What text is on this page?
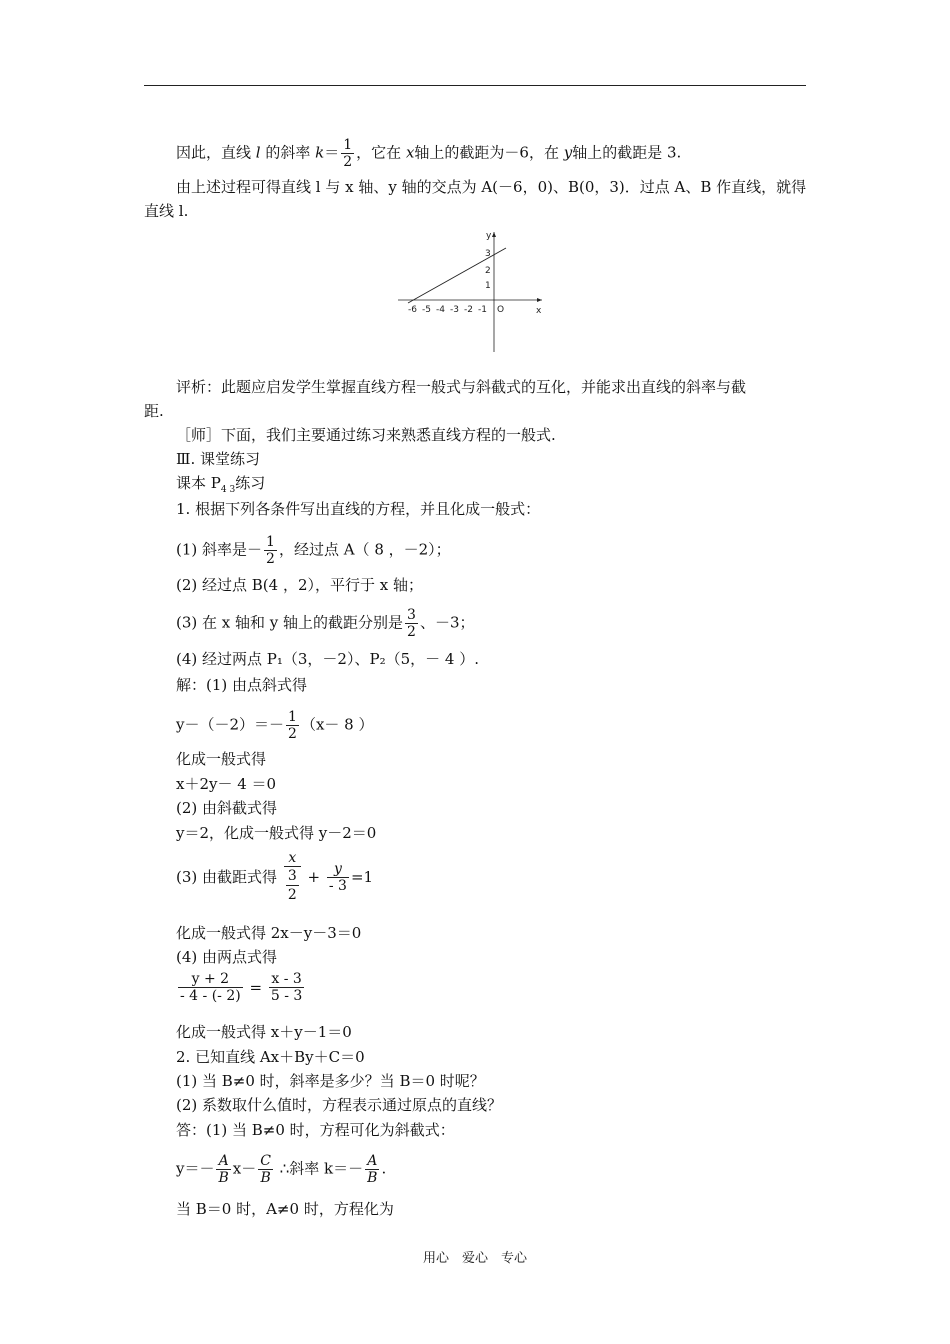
因此，直线 l 的斜率 $k= \frac{1}{2}$ ，它在 x轴上的截距为－6，在 y轴上的截距是 3.
由上述过程可得直线 l 与 x 轴、y 轴的交点为 A(－6，0)、B(0，3)．过点 A、B 作直线，就得
直线 l.
x
y
O
-6 -5 -4 -3 -2 -1
3
2
1
评析：此题应启发学生掌握直线方程一般式与斜截式的互化，并能求出直线的斜率与截
距.
［师］下面，我们主要通过练习来熟悉直线方程的一般式.
Ⅲ. 课堂练习
课本 $P_{4 3}$练习
1. 根据下列各条件写出直线的方程，并且化成一般式：
(1) 斜率是－ $\frac{1}{2}$ ，经过点 A（ 8 ，－2）；
(2) 经过点 B(4 ，2），平行于 x 轴；
(3) 在 x 轴和 y 轴上的截距分别是 $\frac{3}{2}$ 、－3；
(4) 经过两点 P₁（3，－2）、P₂（5，－ 4 ）.
解：(1) 由点斜式得
$y-(-2)=- \frac{1}{2} (x- 8$ ）
化成一般式得
x＋2y－ 4 ＝0
(2) 由斜截式得
y＝2，化成一般式得 y－2＝0
(3) 由截距式得
x
3
2
+ $\frac{y}{- 3} =1$
化成一般式得 2x－y－3＝0
(4) 由两点式得
$\frac{y + 2}{- 4 - (- 2)} = \frac{x - 3}{5 - 3}$
化成一般式得 x＋y－1＝0
2. 已知直线 Ax＋By＋C＝0
(1) 当 B≠0 时，斜率是多少？当 B＝0 时呢？
(2) 系数取什么值时，方程表示通过原点的直线？
答：(1) 当 B≠0 时，方程可化为斜截式：
$y=- \frac{A}{B} x- \frac{C}{B}$ ∴斜率 $k=- \frac{A}{B}$ .
当 B＝0 时，A≠0 时，方程化为
用心　爱心　专心
